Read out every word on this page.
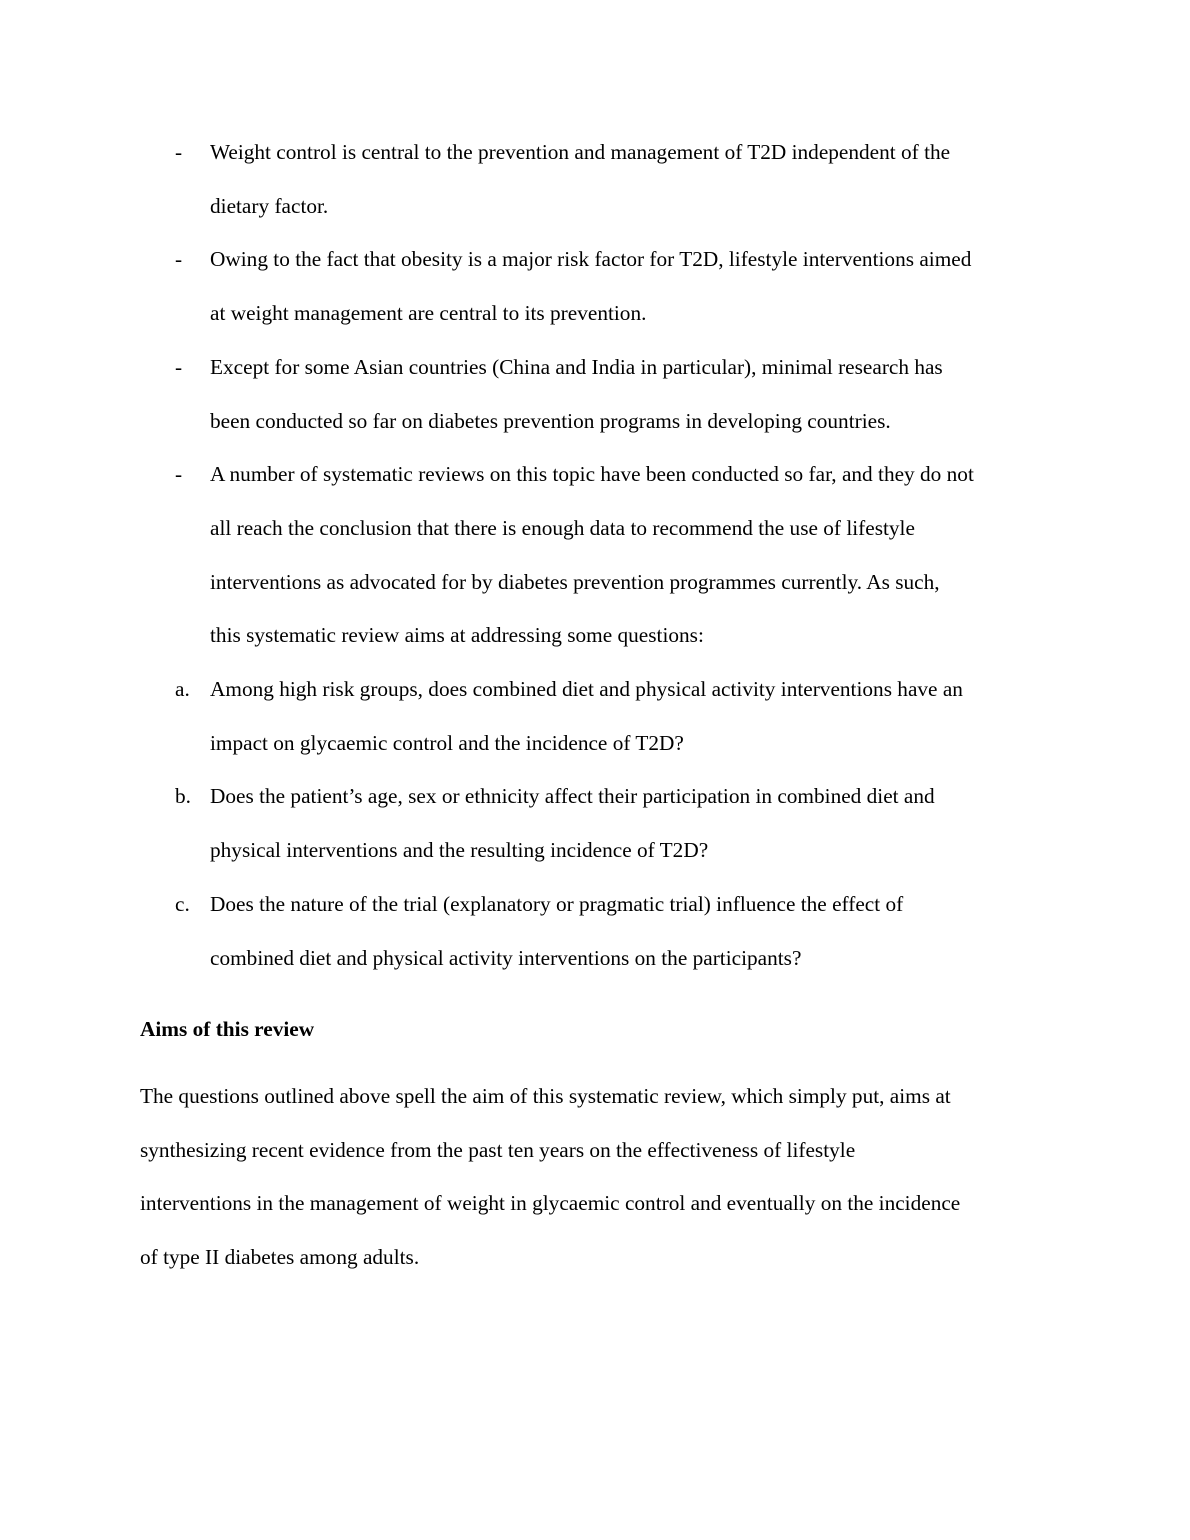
-	Weight control is central to the prevention and management of T2D independent of the
dietary factor.
-	Owing to the fact that obesity is a major risk factor for T2D, lifestyle interventions aimed
at weight management are central to its prevention.
-	Except for some Asian countries (China and India in particular), minimal research has
been conducted so far on diabetes prevention programs in developing countries.
-	A number of systematic reviews on this topic have been conducted so far, and they do not
all reach the conclusion that there is enough data to recommend the use of lifestyle
interventions as advocated for by diabetes prevention programmes currently. As such,
this systematic review aims at addressing some questions:
a. Among high risk groups, does combined diet and physical activity interventions have an
impact on glycaemic control and the incidence of T2D?
b. Does the patient’s age, sex or ethnicity affect their participation in combined diet and
physical interventions and the resulting incidence of T2D?
c. Does the nature of the trial (explanatory or pragmatic trial) influence the effect of
combined diet and physical activity interventions on the participants?
Aims of this review
The questions outlined above spell the aim of this systematic review, which simply put, aims at
synthesizing recent evidence from the past ten years on the effectiveness of lifestyle
interventions in the management of weight in glycaemic control and eventually on the incidence
of type II diabetes among adults.
